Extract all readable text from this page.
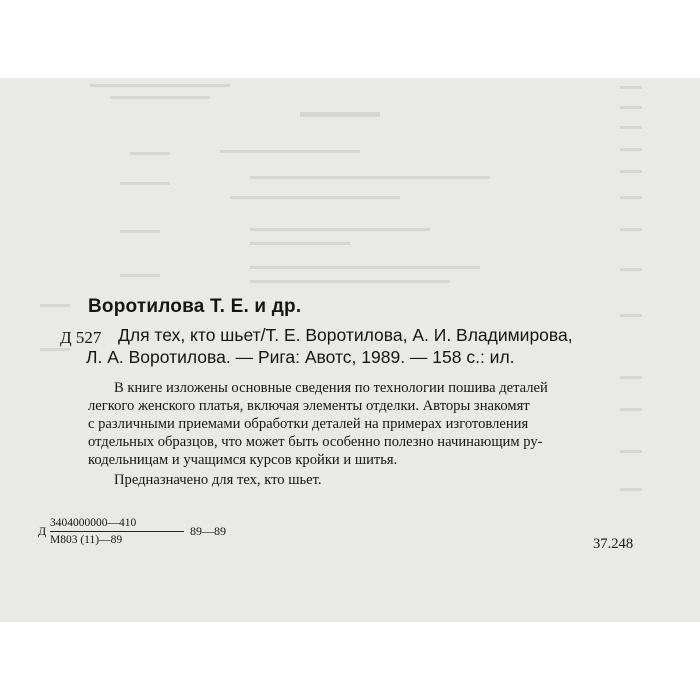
Воротилова Т. Е. и др.
Д 527 Для тех, кто шьет/Т. Е. Воротилова, А. И. Владимирова,
Л. А. Воротилова. — Рига: Авотс, 1989. — 158 с.: ил.
В книге изложены основные сведения по технологии пошива деталей
легкого женского платья, включая элементы отделки. Авторы знакомят
с различными приемами обработки деталей на примерах изготовления
отдельных образцов, что может быть особенно полезно начинающим ру-
кодельницам и учащимся курсов кройки и шитья.
Предназначено для тех, кто шьет.
Д
3404000000—410
М803 (11)—89
89—89
37.248
